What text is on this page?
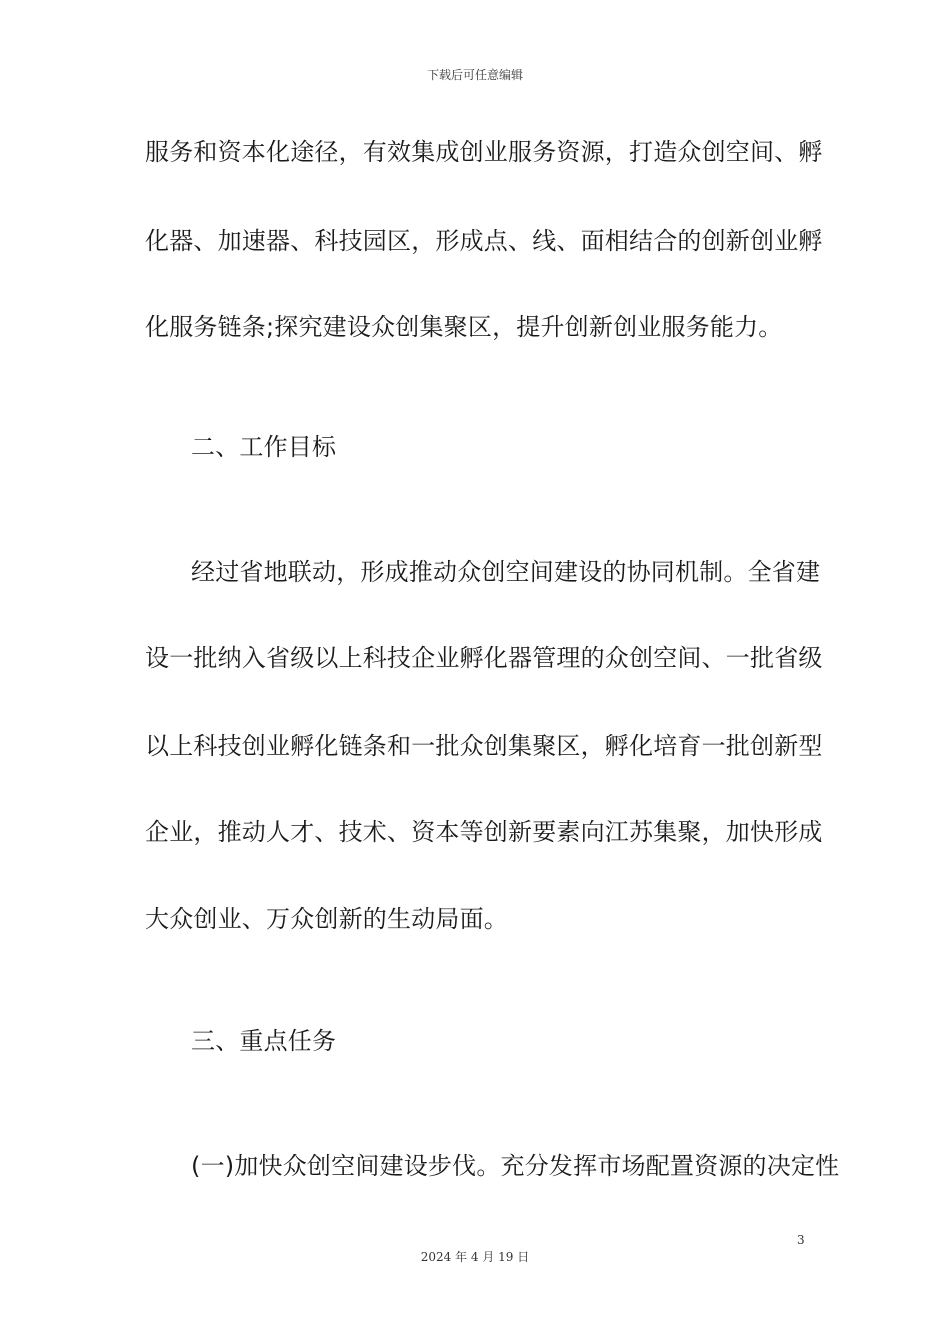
下载后可任意编辑
服务和资本化途径，有效集成创业服务资源，打造众创空间、孵
化器、加速器、科技园区，形成点、线、面相结合的创新创业孵
化服务链条;探究建设众创集聚区，提升创新创业服务能力。
二、工作目标
经过省地联动，形成推动众创空间建设的协同机制。全省建
设一批纳入省级以上科技企业孵化器管理的众创空间、一批省级
以上科技创业孵化链条和一批众创集聚区，孵化培育一批创新型
企业，推动人才、技术、资本等创新要素向江苏集聚，加快形成
大众创业、万众创新的生动局面。
三、重点任务
(一)加快众创空间建设步伐。充分发挥市场配置资源的决定性
3
2024 年 4 月 19 日
